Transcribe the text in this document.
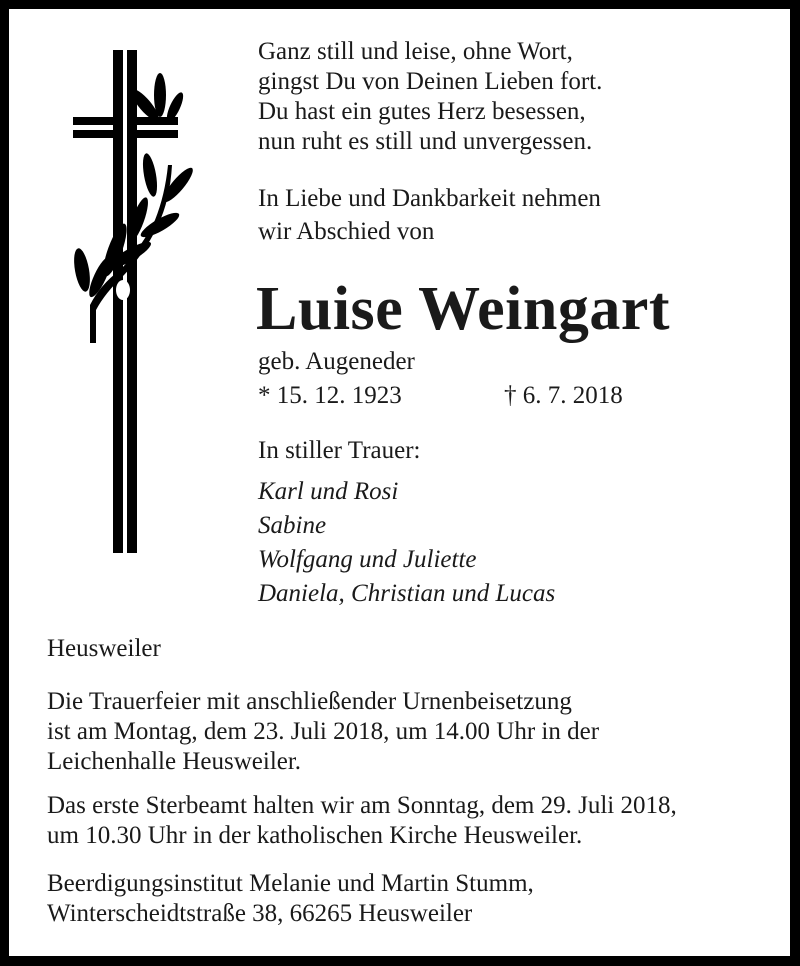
Ganz still und leise, ohne Wort,
gingst Du von Deinen Lieben fort.
Du hast ein gutes Herz besessen,
nun ruht es still und unvergessen.
In Liebe und Dankbarkeit nehmen
wir Abschied von
Luise Weingart
geb. Augeneder
* 15. 12. 1923	† 6. 7. 2018
In stiller Trauer:
Karl und Rosi
Sabine
Wolfgang und Juliette
Daniela, Christian und Lucas
Heusweiler
Die Trauerfeier mit anschließender Urnenbeisetzung
ist am Montag, dem 23. Juli 2018, um 14.00 Uhr in der
Leichenhalle Heusweiler.
Das erste Sterbeamt halten wir am Sonntag, dem 29. Juli 2018,
um 10.30 Uhr in der katholischen Kirche Heusweiler.
Beerdigungsinstitut Melanie und Martin Stumm,
Winterscheidtstraße 38, 66265 Heusweiler
